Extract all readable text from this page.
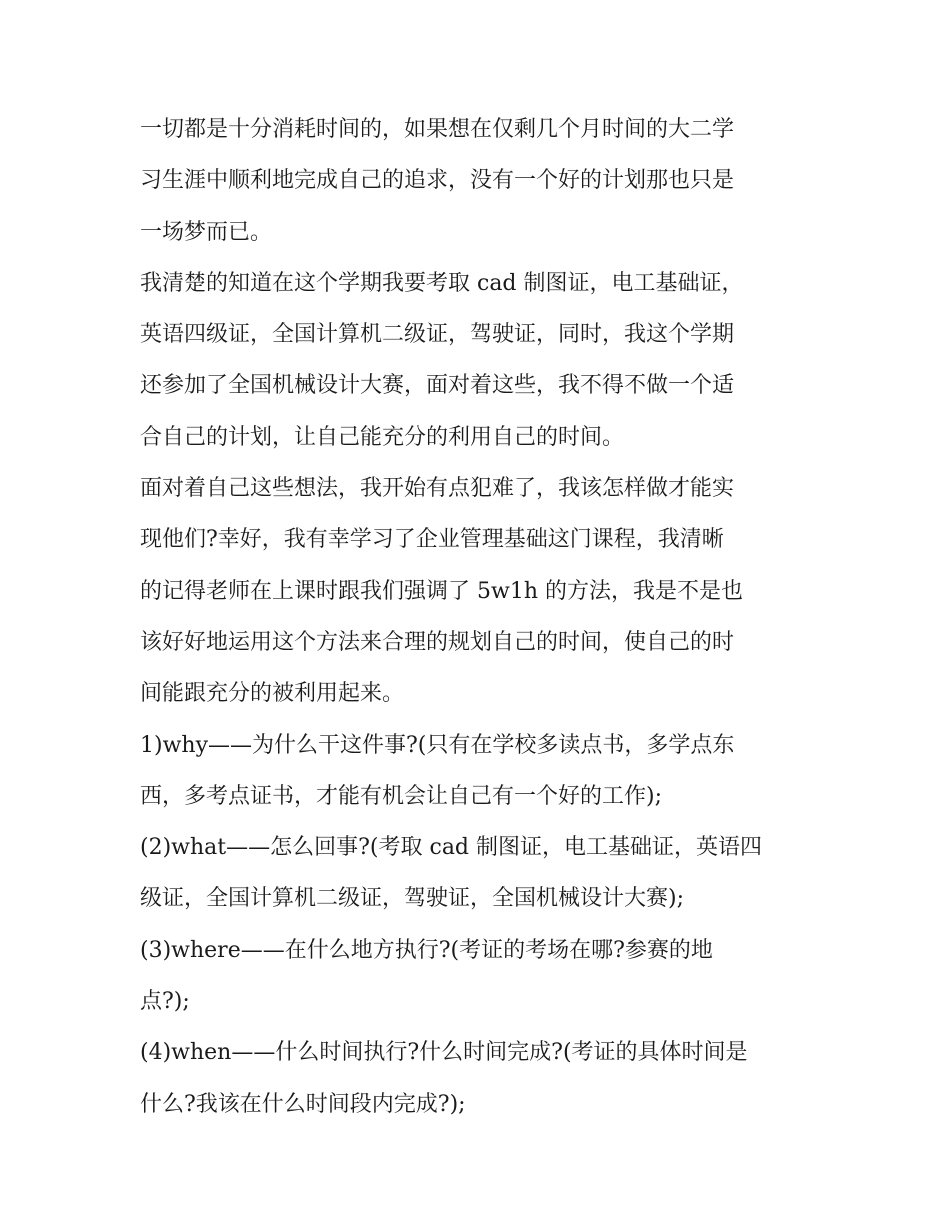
一切都是十分消耗时间的，如果想在仅剩几个月时间的大二学
习生涯中顺利地完成自己的追求，没有一个好的计划那也只是
一场梦而已。
我清楚的知道在这个学期我要考取 cad 制图证，电工基础证，
英语四级证，全国计算机二级证，驾驶证，同时，我这个学期
还参加了全国机械设计大赛，面对着这些，我不得不做一个适
合自己的计划，让自己能充分的利用自己的时间。
面对着自己这些想法，我开始有点犯难了，我该怎样做才能实
现他们?幸好，我有幸学习了企业管理基础这门课程，我清晰
的记得老师在上课时跟我们强调了 5w1h 的方法，我是不是也
该好好地运用这个方法来合理的规划自己的时间，使自己的时
间能跟充分的被利用起来。
1)why——为什么干这件事?(只有在学校多读点书，多学点东
西，多考点证书，才能有机会让自己有一个好的工作);
(2)what——怎么回事?(考取 cad 制图证，电工基础证，英语四
级证，全国计算机二级证，驾驶证，全国机械设计大赛);
(3)where——在什么地方执行?(考证的考场在哪?参赛的地
点?);
(4)when——什么时间执行?什么时间完成?(考证的具体时间是
什么?我该在什么时间段内完成?);
